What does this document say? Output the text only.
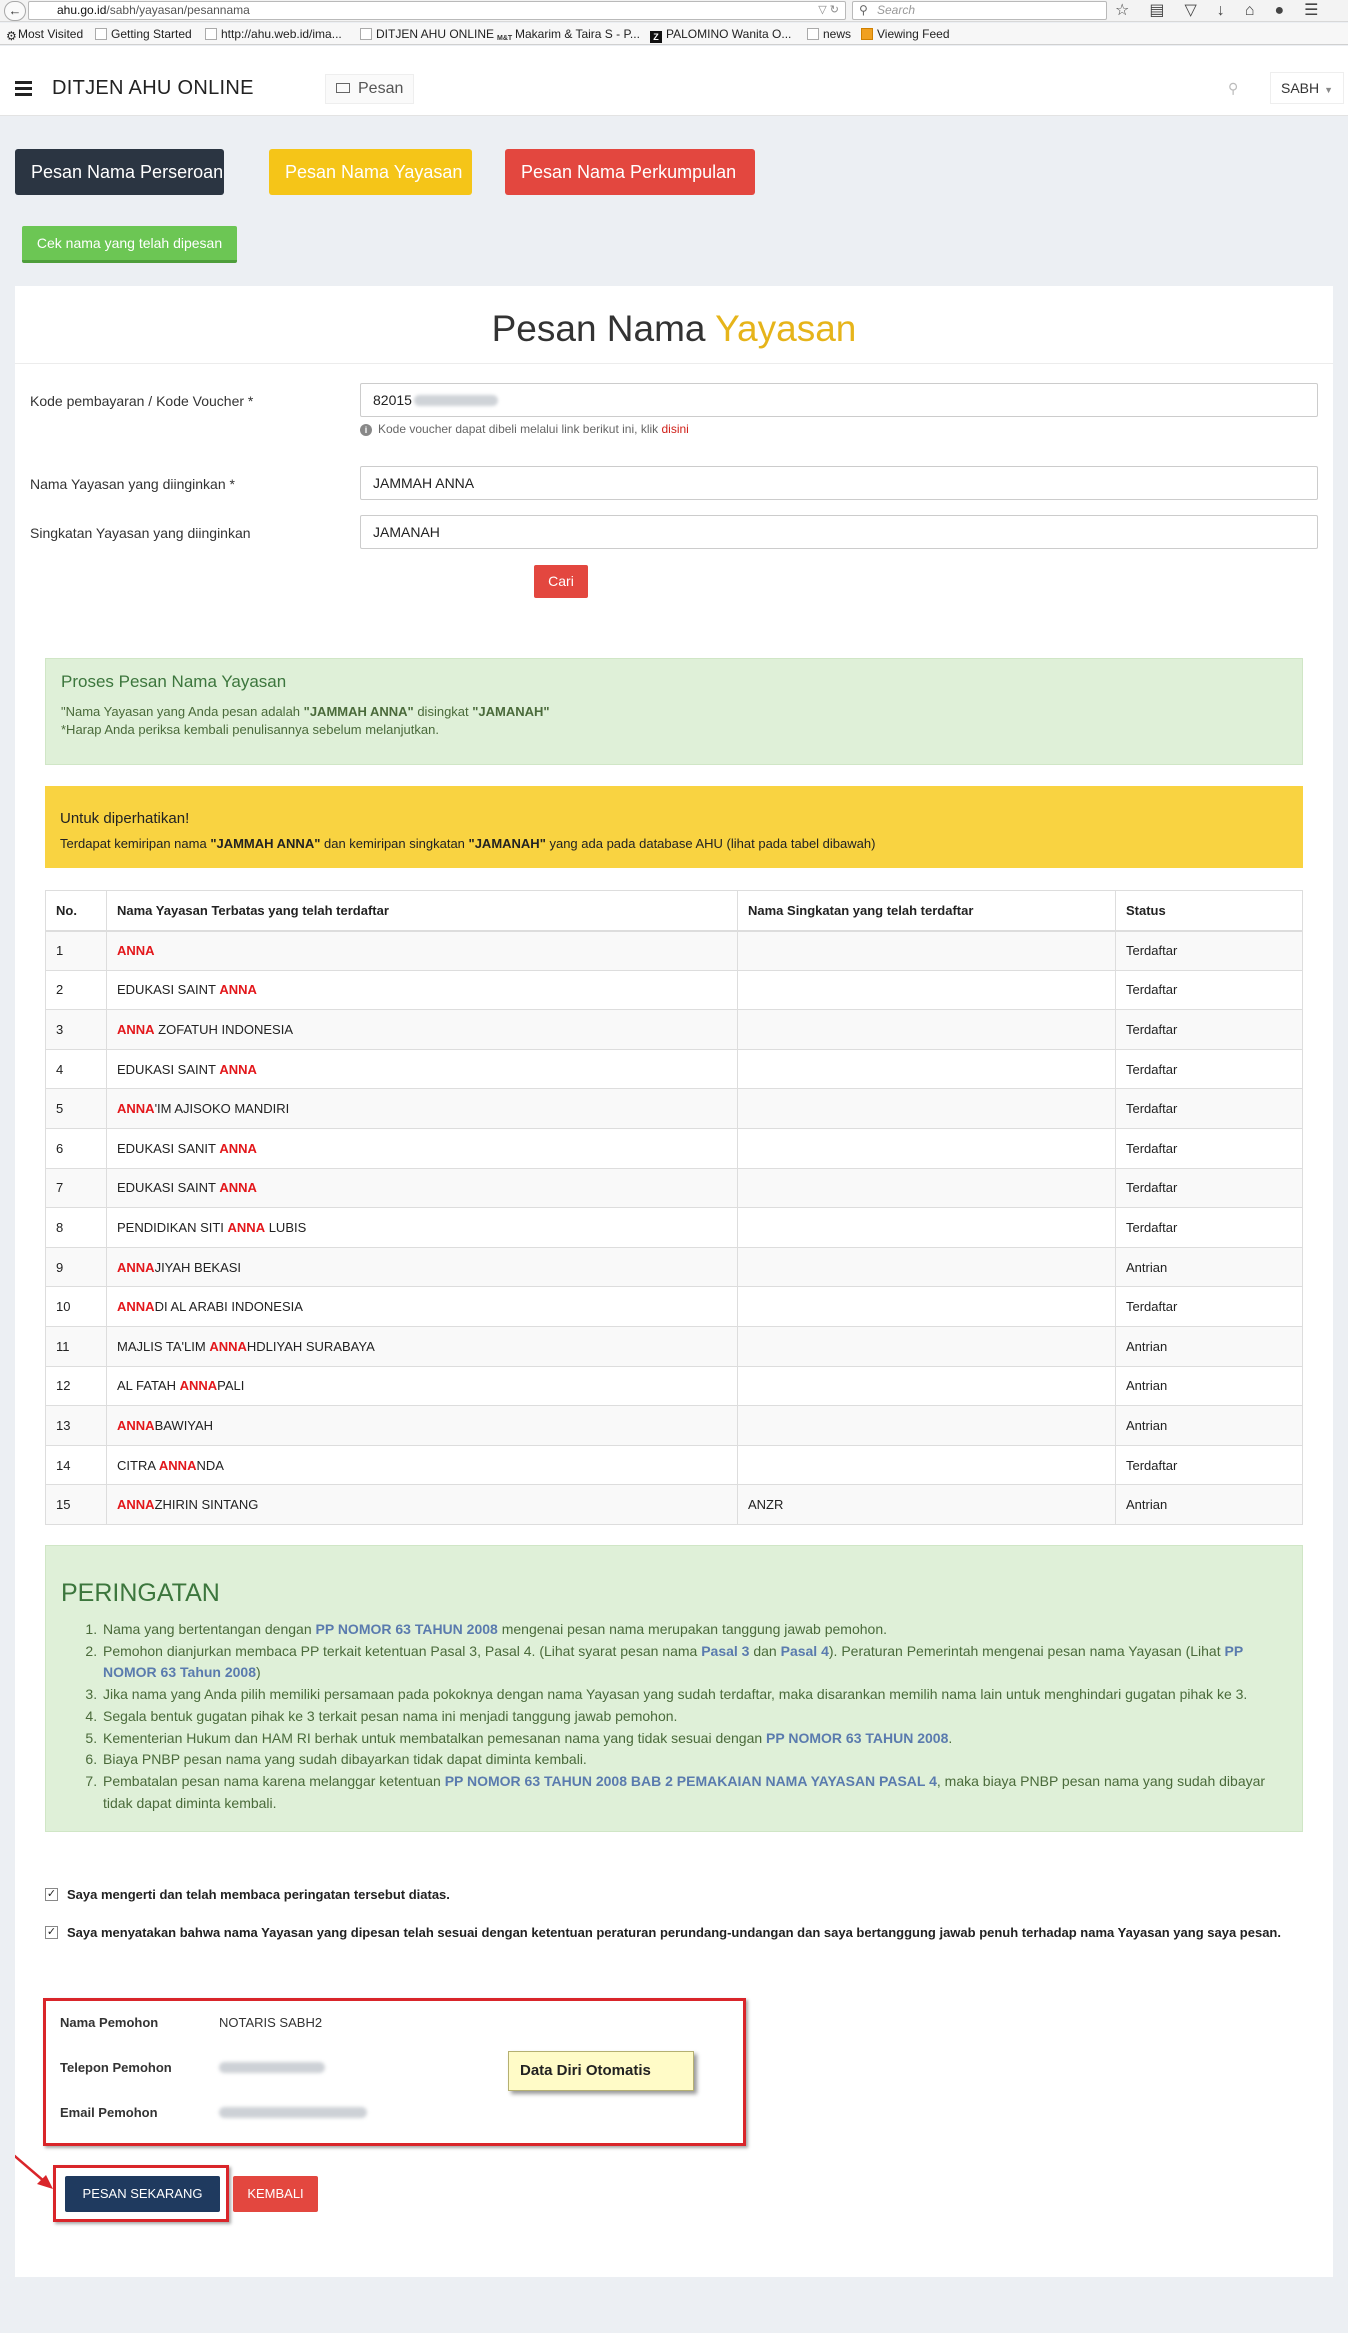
←	ahu.go.id/sabh/yayasan/pesannama	▽ ↻ ⚲ Search	☆ ▤ ▽ ↓ ⌂ ● ☰
⚙Most Visited	Getting Started	http://ahu.web.id/ima...	DITJEN AHU ONLINE M&T Makarim & Taira S - P...	Z PALOMINO Wanita O...	news	Viewing Feed
DITJEN AHU ONLINE	Pesan	⚲	SABH ▼
Pesan Nama Perseroan	Pesan Nama Yayasan	Pesan Nama Perkumpulan
Cek nama yang telah dipesan
Pesan Nama Yayasan
Kode pembayaran / Kode Voucher *	82015
i Kode voucher dapat dibeli melalui link berikut ini, klik disini
Nama Yayasan yang diinginkan *	JAMMAH ANNA
Singkatan Yayasan yang diinginkan	JAMANAH
Cari
Proses Pesan Nama Yayasan

"Nama Yayasan yang Anda pesan adalah "JAMMAH ANNA" disingkat "JAMANAH"

*Harap Anda periksa kembali penulisannya sebelum melanjutkan.

Untuk diperhatikan!

Terdapat kemiripan nama "JAMMAH ANNA" dan kemiripan singkatan "JAMANAH" yang ada pada database AHU (lihat pada tabel dibawah)

No.	Nama Yayasan Terbatas yang telah terdaftar	Nama Singkatan yang telah terdaftar	Status
1	ANNA		Terdaftar
2	EDUKASI SAINT ANNA		Terdaftar
3	ANNA ZOFATUH INDONESIA		Terdaftar
4	EDUKASI SAINT ANNA		Terdaftar
5	ANNA'IM AJISOKO MANDIRI		Terdaftar
6	EDUKASI SANIT ANNA		Terdaftar
7	EDUKASI SAINT ANNA		Terdaftar
8	PENDIDIKAN SITI ANNA LUBIS		Terdaftar
9	ANNAJIYAH BEKASI		Antrian
10	ANNADI AL ARABI INDONESIA		Terdaftar
11	MAJLIS TA'LIM ANNAHDLIYAH SURABAYA		Antrian
12	AL FATAH ANNAPALI		Antrian
13	ANNABAWIYAH		Antrian
14	CITRA ANNANDA		Terdaftar
15	ANNAZHIRIN SINTANG	ANZR	Antrian
PERINGATAN
1. Nama yang bertentangan dengan PP NOMOR 63 TAHUN 2008 mengenai pesan nama merupakan tanggung jawab pemohon.
2. Pemohon dianjurkan membaca PP terkait ketentuan Pasal 3, Pasal 4. (Lihat syarat pesan nama Pasal 3 dan Pasal 4). Peraturan Pemerintah mengenai pesan nama Yayasan (Lihat PP NOMOR 63 Tahun 2008)
3. Jika nama yang Anda pilih memiliki persamaan pada pokoknya dengan nama Yayasan yang sudah terdaftar, maka disarankan memilih nama lain untuk menghindari gugatan pihak ke 3.
4. Segala bentuk gugatan pihak ke 3 terkait pesan nama ini menjadi tanggung jawab pemohon.
5. Kementerian Hukum dan HAM RI berhak untuk membatalkan pemesanan nama yang tidak sesuai dengan PP NOMOR 63 TAHUN 2008.
6. Biaya PNBP pesan nama yang sudah dibayarkan tidak dapat diminta kembali.
7. Pembatalan pesan nama karena melanggar ketentuan PP NOMOR 63 TAHUN 2008 BAB 2 PEMAKAIAN NAMA YAYASAN PASAL 4, maka biaya PNBP pesan nama yang sudah dibayar tidak dapat diminta kembali.
✓ Saya mengerti dan telah membaca peringatan tersebut diatas.
✓ Saya menyatakan bahwa nama Yayasan yang dipesan telah sesuai dengan ketentuan peraturan perundang-undangan dan saya bertanggung jawab penuh terhadap nama Yayasan yang saya pesan.
Nama Pemohon	NOTARIS SABH2
Telepon Pemohon
Email Pemohon
Data Diri Otomatis
PESAN SEKARANG	KEMBALI
